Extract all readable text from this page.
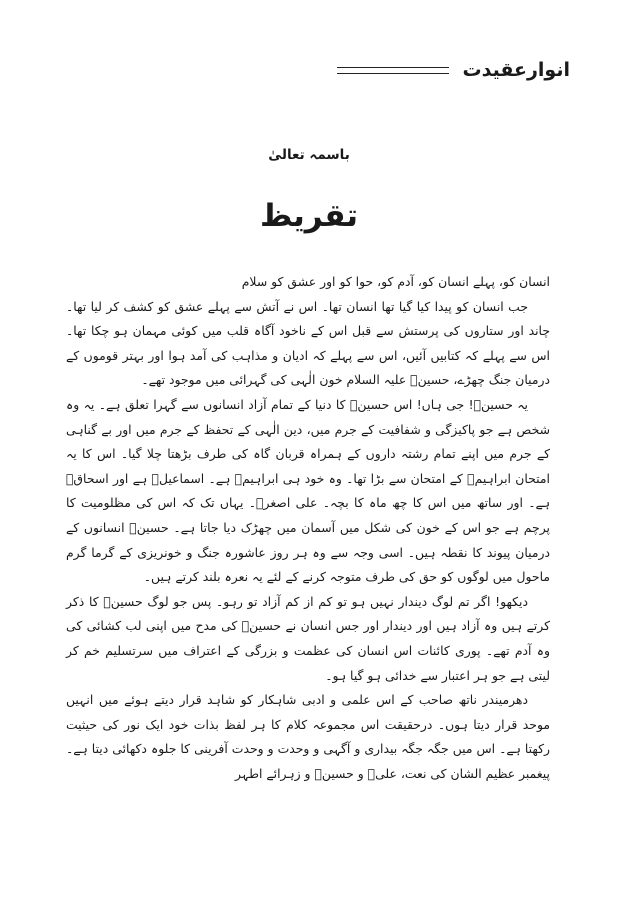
انوارعقیدت
باسمہ تعالیٰ
تقریظ

انسان کو، پہلے انسان کو، آدم کو، حوا کو اور عشق کو سلام

جب انسان کو پیدا کیا گیا تھا انسان تھا۔ اس نے آتش سے پہلے عشق کو کشف کر لیا تھا۔ چاند اور ستاروں کی پرستش سے قبل اس کے ناخود آگاہ قلب میں کوئی مہمان ہو چکا تھا۔ اس سے پہلے کہ کتابیں آئیں، اس سے پہلے کہ ادیان و مذاہب کی آمد ہوا اور بہتر قوموں کے درمیان جنگ چھڑے، حسینؑ علیہ السلام خون الٰہی کی گہرائی میں موجود تھے۔

یہ حسینؑ! جی ہاں! اس حسینؑ کا دنیا کے تمام آزاد انسانوں سے گہرا تعلق ہے۔ یہ وہ شخص ہے جو پاکیزگی و شفافیت کے جرم میں، دین الٰہی کے تحفظ کے جرم میں اور بے گناہی کے جرم میں اپنے تمام رشتہ داروں کے ہمراہ قربان گاہ کی طرف بڑھتا چلا گیا۔ اس کا یہ امتحان ابراہیمؑ کے امتحان سے بڑا تھا۔ وہ خود ہی ابراہیمؑ ہے۔ اسماعیلؑ ہے اور اسحاقؑ ہے۔ اور ساتھ میں اس کا چھ ماہ کا بچہ۔ علی اصغرؑ۔ یہاں تک کہ اس کی مظلومیت کا پرچم ہے جو اس کے خون کی شکل میں آسمان میں چھڑک دیا جاتا ہے۔ حسینؑ انسانوں کے درمیان پیوند کا نقطہ ہیں۔ اسی وجہ سے وہ ہر روز عاشورہ جنگ و خونریزی کے گرما گرم ماحول میں لوگوں کو حق کی طرف متوجہ کرنے کے لئے یہ نعرہ بلند کرتے ہیں۔

دیکھو! اگر تم لوگ دیندار نہیں ہو تو کم از کم آزاد تو رہو۔ پس جو لوگ حسینؑ کا ذکر کرتے ہیں وہ آزاد ہیں اور دیندار اور جس انسان نے حسینؑ کی مدح میں اپنی لب کشائی کی وہ آدم تھے۔ پوری کائنات اس انسان کی عظمت و بزرگی کے اعتراف میں سرتسلیم خم کر لیتی ہے جو ہر اعتبار سے خدائی ہو گیا ہو۔

دھرمیندر ناتھ صاحب کے اس علمی و ادبی شاہکار کو شاہد قرار دیتے ہوئے میں انہیں موحد قرار دیتا ہوں۔ درحقیقت اس مجموعہ کلام کا ہر لفظ بذات خود ایک نور کی حیثیت رکھتا ہے۔ اس میں جگہ جگہ بیداری و آگہی و وحدت و وحدت آفرینی کا جلوہ دکھائی دیتا ہے۔ پیغمبر عظیم الشان کی نعت، علیؑ و حسینؑ و زہرائے اطہر
